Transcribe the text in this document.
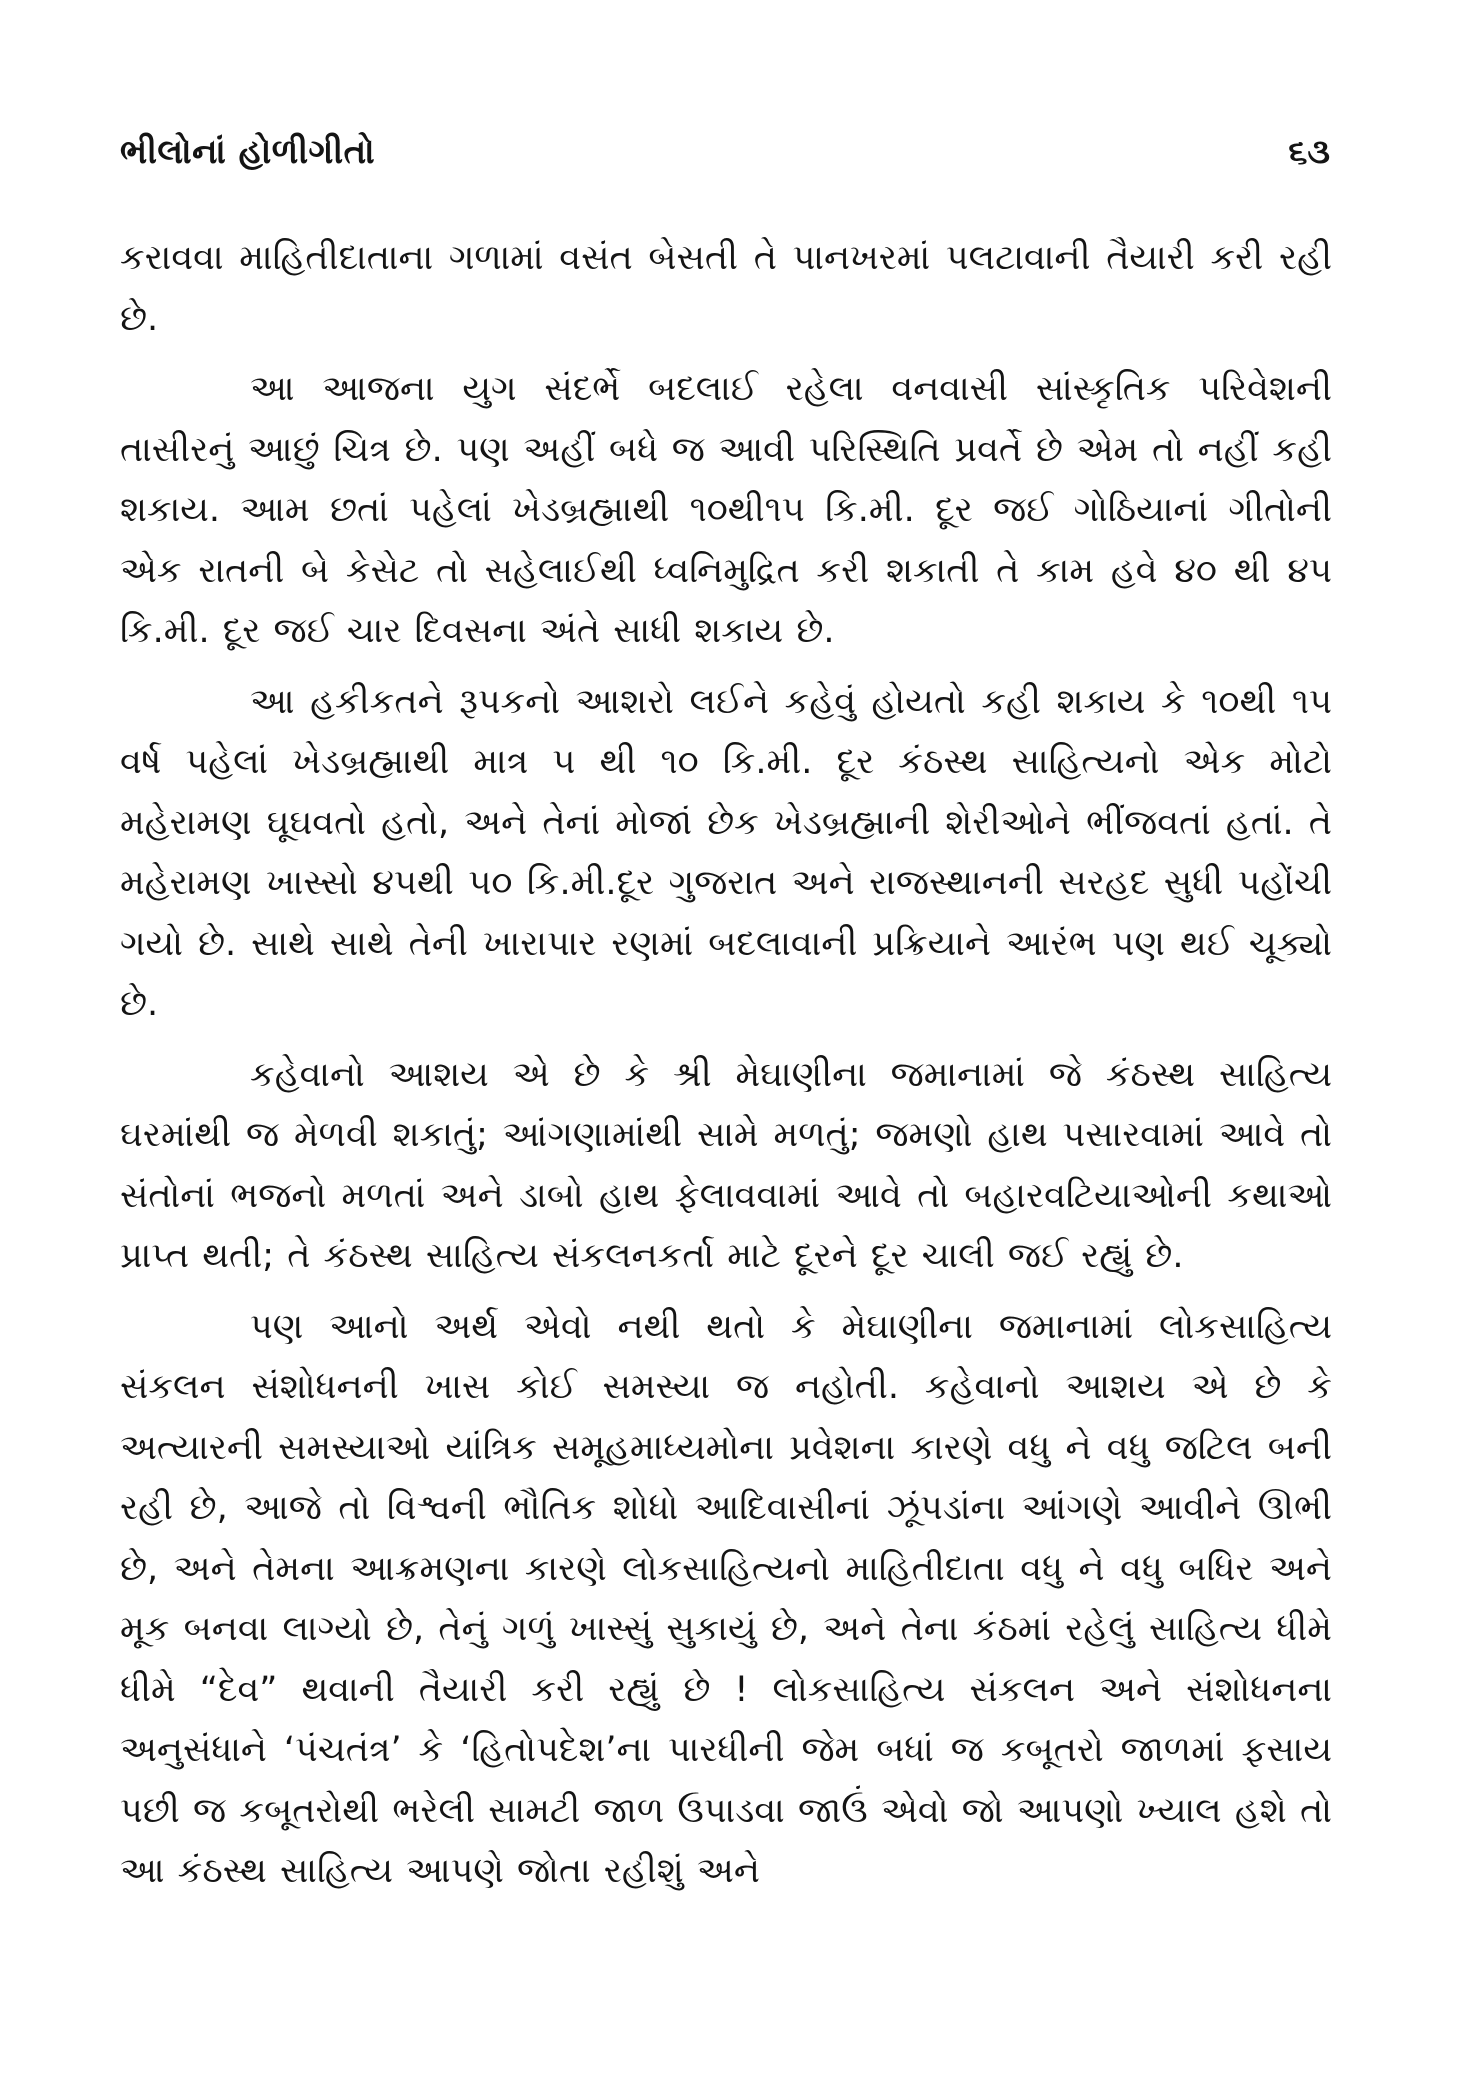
ભીલોનાં હોળીગીતો	૬૩

કરાવવા માહિતીદાતાના ગળામાં વસંત બેસતી તે પાનખરમાં પલટાવાની તૈયારી કરી રહી છે.

આ આજના યુગ સંદર્ભે બદલાઈ રહેલા વનવાસી સાંસ્કૃતિક પરિવેશની તાસીરનું આછું ચિત્ર છે. પણ અહીં બધે જ આવી પરિસ્થિતિ પ્રવર્તે છે એમ તો નહીં કહી શકાય. આમ છતાં પહેલાં ખેડબ્રહ્માથી ૧૦થી૧૫ કિ.મી. દૂર જઈ ગોઠિયાનાં ગીતોની એક રાતની બે કેસેટ તો સહેલાઈથી ધ્વનિમુદ્રિત કરી શકાતી તે કામ હવે ૪૦ થી ૪૫ કિ.મી. દૂર જઈ ચાર દિવસના અંતે સાધી શકાય છે.

આ હકીકતને રૂપકનો આશરો લઈને કહેવું હોયતો કહી શકાય કે ૧૦થી ૧૫ વર્ષ પહેલાં ખેડબ્રહ્માથી માત્ર ૫ થી ૧૦ કિ.મી. દૂર કંઠસ્થ સાહિત્યનો એક મોટો મહેરામણ ઘૂઘવતો હતો, અને તેનાં મોજાં છેક ખેડબ્રહ્માની શેરીઓને ભીંજવતાં હતાં. તે મહેરામણ ખાસ્સો ૪૫થી ૫૦ કિ.મી.દૂર ગુજરાત અને રાજસ્થાનની સરહદ સુધી પહોંચી ગયો છે. સાથે સાથે તેની ખારાપાર રણમાં બદલાવાની પ્રક્રિયાને આરંભ પણ થઈ ચૂક્યો છે.

કહેવાનો આશય એ છે કે શ્રી મેઘાણીના જમાનામાં જે કંઠસ્થ સાહિત્ય ઘરમાંથી જ મેળવી શકાતું; આંગણામાંથી સામે મળતું; જમણો હાથ પસારવામાં આવે તો સંતોનાં ભજનો મળતાં અને ડાબો હાથ ફેલાવવામાં આવે તો બહારવટિયાઓની કથાઓ પ્રાપ્ત થતી; તે કંઠસ્થ સાહિત્ય સંકલનકર્તા માટે દૂરને દૂર ચાલી જઈ રહ્યું છે.

પણ આનો અર્થ એવો નથી થતો કે મેઘાણીના જમાનામાં લોકસાહિત્ય સંકલન સંશોધનની ખાસ કોઈ સમસ્યા જ નહોતી. કહેવાનો આશય એ છે કે અત્યારની સમસ્યાઓ યાંત્રિક સમૂહમાધ્યમોના પ્રવેશના કારણે વધુ ને વધુ જટિલ બની રહી છે, આજે તો વિશ્વની ભૌતિક શોધો આદિવાસીનાં ઝૂંપડાંના આંગણે આવીને ઊભી છે, અને તેમના આક્રમણના કારણે લોકસાહિત્યનો માહિતીદાતા વધુ ને વધુ બધિર અને મૂક બનવા લાગ્યો છે, તેનું ગળું ખાસ્સું સુકાયું છે, અને તેના કંઠમાં રહેલું સાહિત્ય ધીમે ધીમે “દેવ” થવાની તૈયારી કરી રહ્યું છે ! લોકસાહિત્ય સંકલન અને સંશોધનના અનુસંધાને ‘પંચતંત્ર’ કે ‘હિતોપદેશ’ના પારધીની જેમ બધાં જ કબૂતરો જાળમાં ફસાય પછી જ કબૂતરોથી ભરેલી સામટી જાળ ઉપાડવા જાઉં એવો જો આપણો ખ્યાલ હશે તો આ કંઠસ્થ સાહિત્ય આપણે જોતા રહીશું અને
